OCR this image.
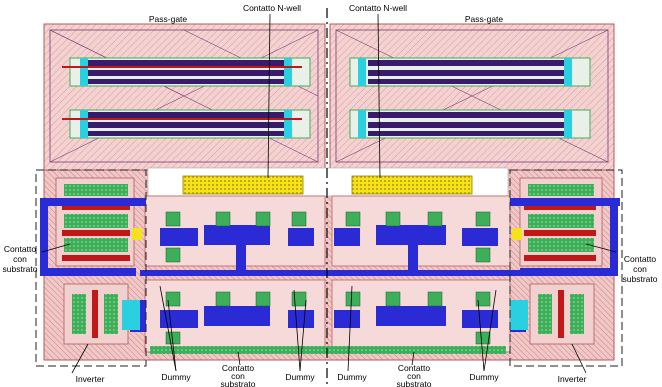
Pass-gate	Pass-gate
Contatto N-well	Contatto N-well
Contatto
con
substrato
Contatto
con
substrato
Inverter	Inverter
Dummy	Dummy	Dummy	Dummy
Contatto
con
substrato
Contatto
con
substrato
